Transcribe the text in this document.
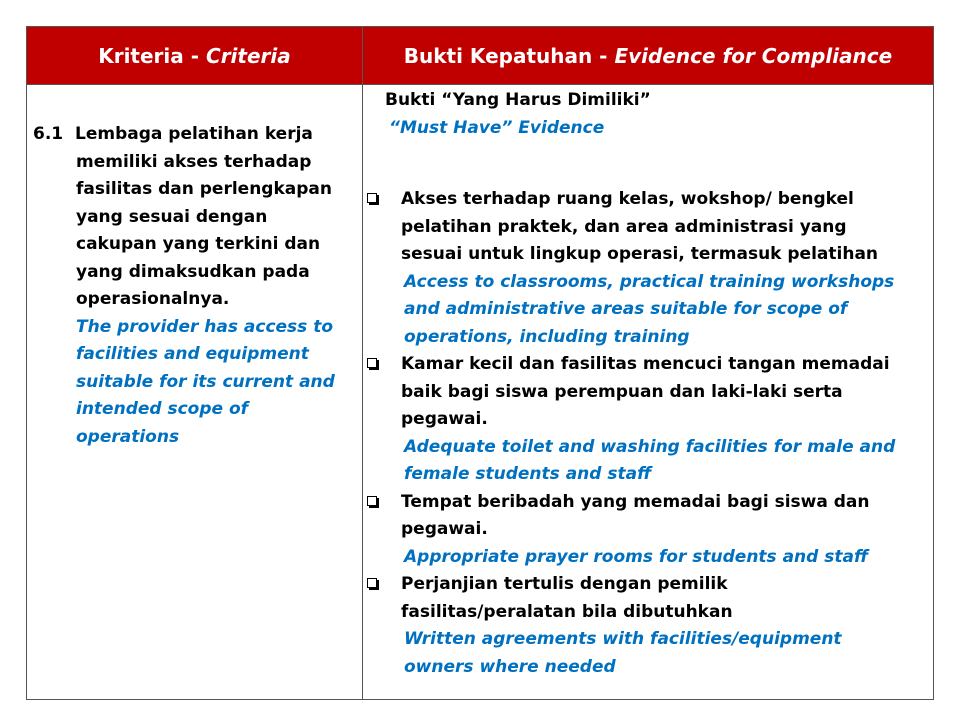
Kriteria - Criteria	Bukti Kepatuhan - Evidence for Compliance
6.1 Lembaga pelatihan kerja
memiliki akses terhadap
fasilitas dan perlengkapan
yang sesuai dengan
cakupan yang terkini dan
yang dimaksudkan pada
operasionalnya.
The provider has access to
facilities and equipment
suitable for its current and
intended scope of
operations
Bukti “Yang Harus Dimiliki”
“Must Have” Evidence
Akses terhadap ruang kelas, wokshop/ bengkel
pelatihan praktek, dan area administrasi yang
sesuai untuk lingkup operasi, termasuk pelatihan
Access to classrooms, practical training workshops
and administrative areas suitable for scope of
operations, including training
Kamar kecil dan fasilitas mencuci tangan memadai
baik bagi siswa perempuan dan laki-laki serta
pegawai.
Adequate toilet and washing facilities for male and
female students and staff
Tempat beribadah yang memadai bagi siswa dan
pegawai.
Appropriate prayer rooms for students and staff
Perjanjian tertulis dengan pemilik
fasilitas/peralatan bila dibutuhkan
Written agreements with facilities/equipment
owners where needed
